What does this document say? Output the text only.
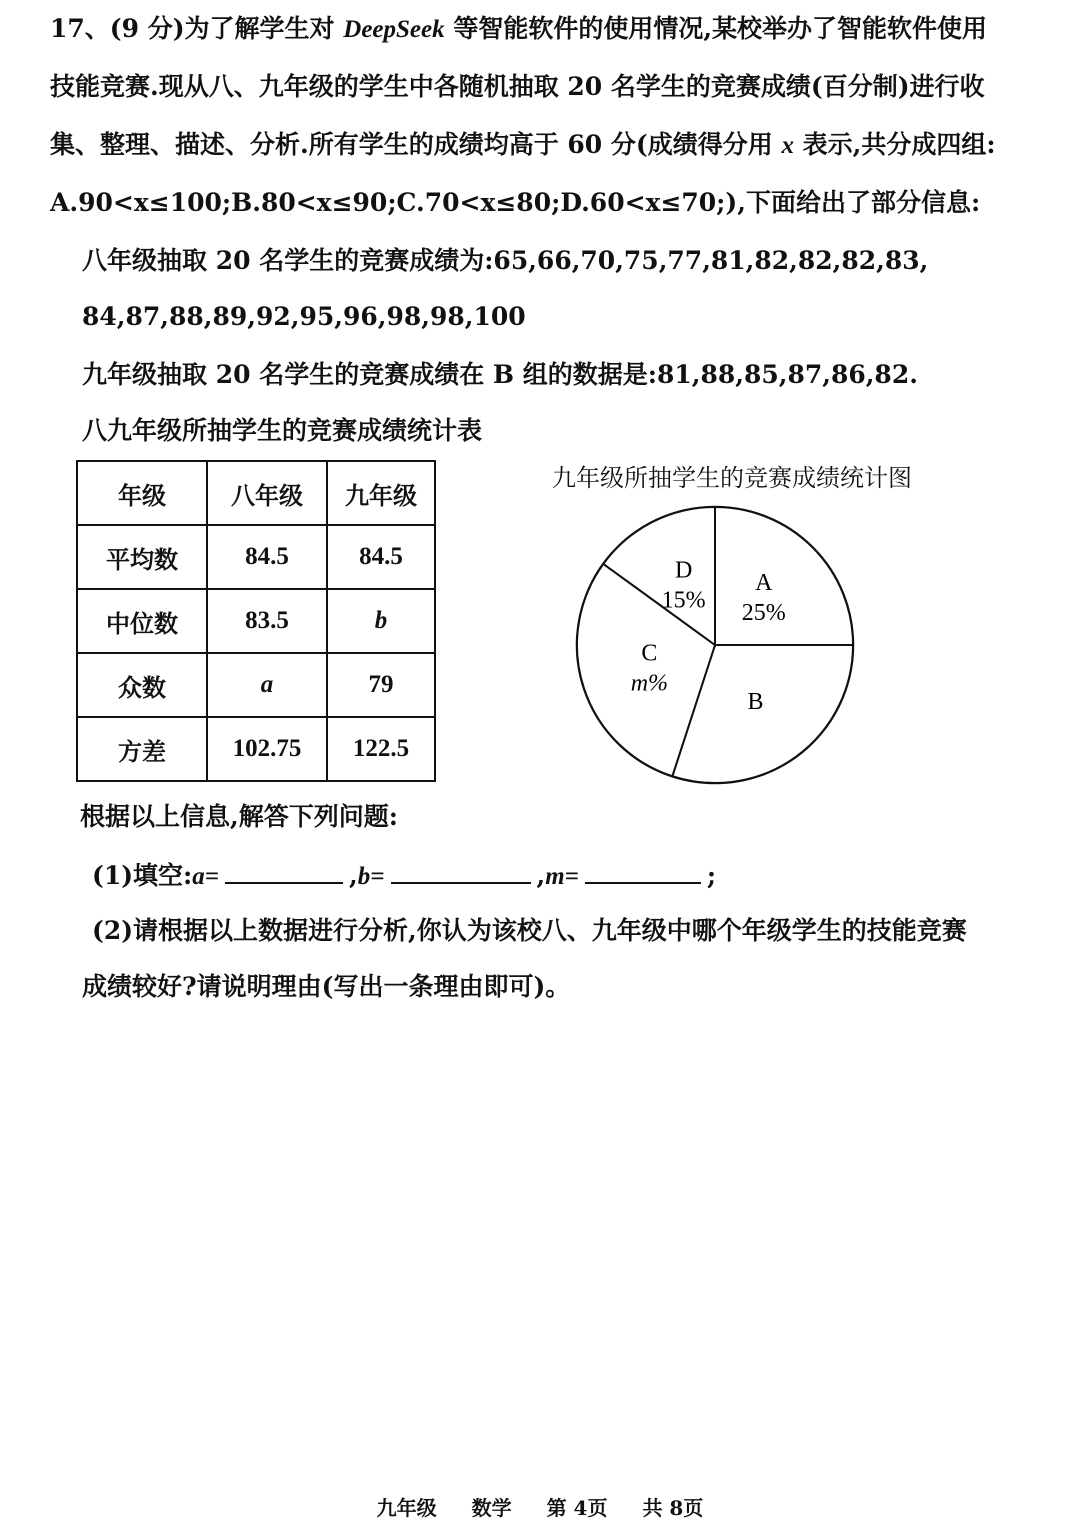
17、(9 分)为了解学生对 DeepSeek 等智能软件的使用情况,某校举办了智能软件使用
技能竞赛.现从八、九年级的学生中各随机抽取 20 名学生的竞赛成绩(百分制)进行收
集、整理、描述、分析.所有学生的成绩均高于 60 分(成绩得分用 x 表示,共分成四组:
A.90<x≤100;B.80<x≤90;C.70<x≤80;D.60<x≤70;),下面给出了部分信息:
八年级抽取 20 名学生的竞赛成绩为:65,66,70,75,77,81,82,82,82,83,
84,87,88,89,92,95,96,98,98,100
九年级抽取 20 名学生的竞赛成绩在 B 组的数据是:81,88,85,87,86,82.
八九年级所抽学生的竞赛成绩统计表
年级	八年级	九年级
平均数	84.5	84.5
中位数	83.5	b
众数	a	79
方差	102.75	122.5
九年级所抽学生的竞赛成绩统计图
A
25%
B
C
m%
D
15%
根据以上信息,解答下列问题:
(1)填空:a=	,b=	,m=	;
(2)请根据以上数据进行分析,你认为该校八、九年级中哪个年级学生的技能竞赛
成绩较好?请说明理由(写出一条理由即可)。
九年级 数学 第 4页 共 8页
